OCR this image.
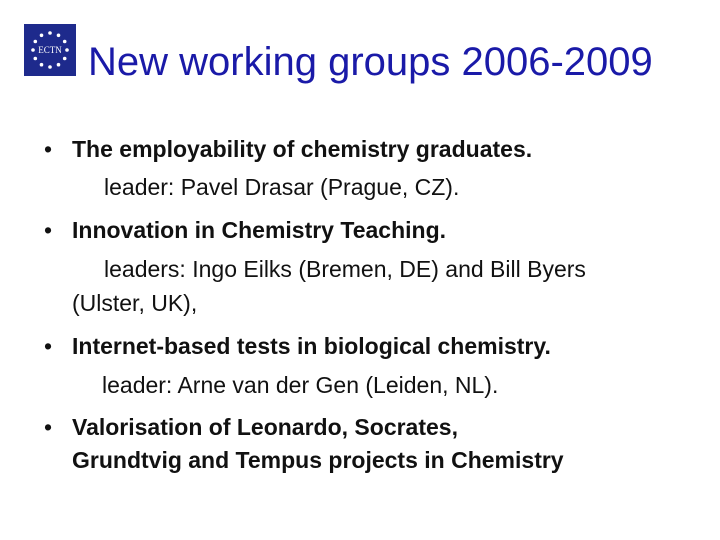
ECTN New working groups 2006-2009
• The employability of chemistry graduates.
leader: Pavel Drasar (Prague, CZ).
• Innovation in Chemistry Teaching.
leaders: Ingo Eilks (Bremen, DE) and Bill Byers
(Ulster, UK),
• Internet-based tests in biological chemistry.
leader: Arne van der Gen (Leiden, NL).
• Valorisation of Leonardo, Socrates,
Grundtvig and Tempus projects in Chemistry
